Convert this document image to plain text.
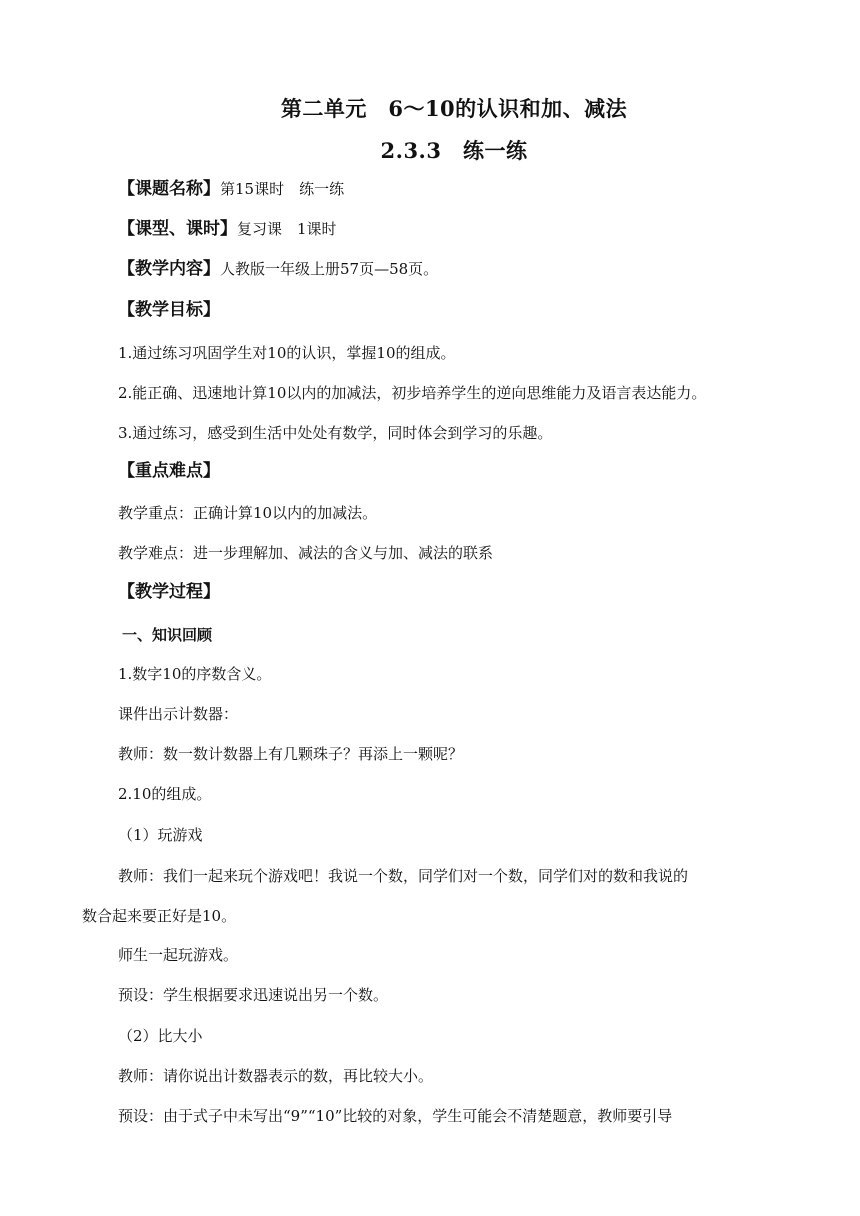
第二单元　6～10的认识和加、减法
2.3.3　练一练
【课题名称】第15课时　练一练
【课型、课时】复习课　1课时
【教学内容】人教版一年级上册57页—58页。
【教学目标】
1.通过练习巩固学生对10的认识，掌握10的组成。
2.能正确、迅速地计算10以内的加减法，初步培养学生的逆向思维能力及语言表达能力。
3.通过练习，感受到生活中处处有数学，同时体会到学习的乐趣。
【重点难点】
教学重点：正确计算10以内的加减法。
教学难点：进一步理解加、减法的含义与加、减法的联系
【教学过程】
一、知识回顾
1.数字10的序数含义。
课件出示计数器：
教师：数一数计数器上有几颗珠子？再添上一颗呢？
2.10的组成。
（1）玩游戏
教师：我们一起来玩个游戏吧！我说一个数，同学们对一个数，同学们对的数和我说的
数合起来要正好是10。
师生一起玩游戏。
预设：学生根据要求迅速说出另一个数。
（2）比大小
教师：请你说出计数器表示的数，再比较大小。
预设：由于式子中未写出“9”“10”比较的对象，学生可能会不清楚题意，教师要引导
